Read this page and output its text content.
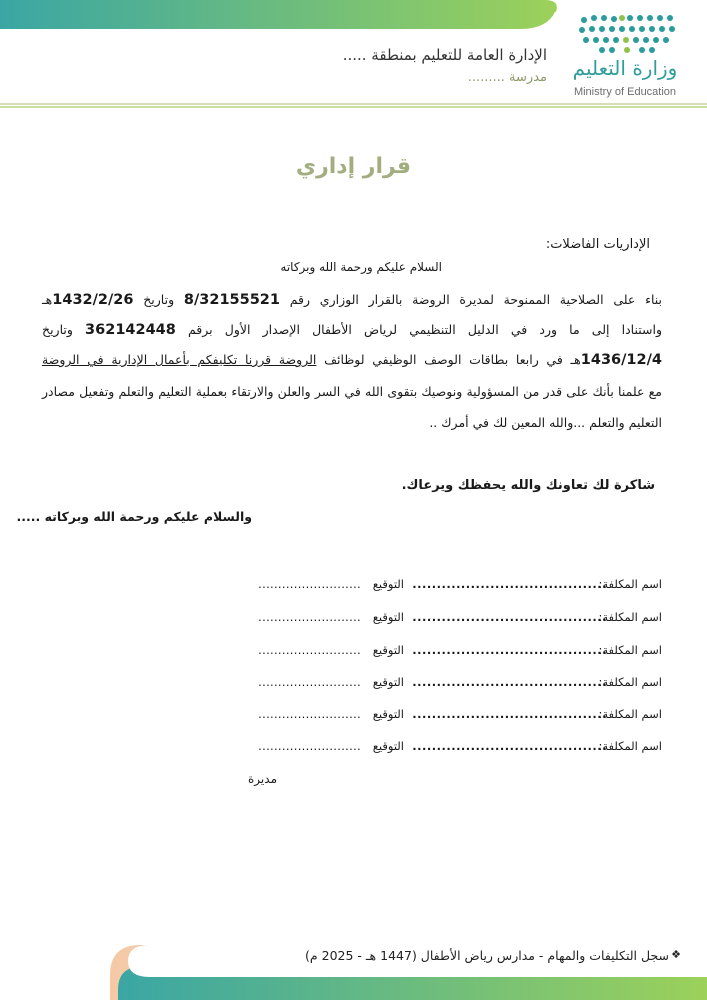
وزارة التعليم
Ministry of Education
الإدارة العامة للتعليم بمنطقة .....
مدرسة .........
قرار إداري
الإداريات الفاضلات:
السلام عليكم ورحمة الله وبركاته
بناء على الصلاحية الممنوحة لمديرة الروضة بالقرار الوزاري رقم 8/32155521 وتاريخ 1432/2/26هـ
واستنادا إلى ما ورد في الدليل التنظيمي لرياض الأطفال الإصدار الأول برقم 362142448 وتاريخ
1436/12/4هـ في رابعا بطاقات الوصف الوظيفي لوظائف الروضة قررنا تكليفكم بأعمال الإدارية في الروضة
مع علمنا بأنك على قدر من المسؤولية ونوصيك بتقوى الله في السر والعلن والارتقاء بعملية التعليم والتعلم وتفعيل مصادر
التعليم والتعلم ...والله المعين لك في أمرك ..
شاكرة لك تعاونك والله يحفظك ويرعاك.
والسلام عليكم ورحمة الله وبركاته .....
اسم المكلفة:
........................................
التوقيع
..........................
اسم المكلفة:
........................................
التوقيع
..........................
اسم المكلفة:
........................................
التوقيع
..........................
اسم المكلفة:
........................................
التوقيع
..........................
اسم المكلفة:
........................................
التوقيع
..........................
اسم المكلفة:
........................................
التوقيع
..........................
مديرة
سجل التكليفات والمهام - مدارس رياض الأطفال (1447 هـ - 2025 م) ❖
